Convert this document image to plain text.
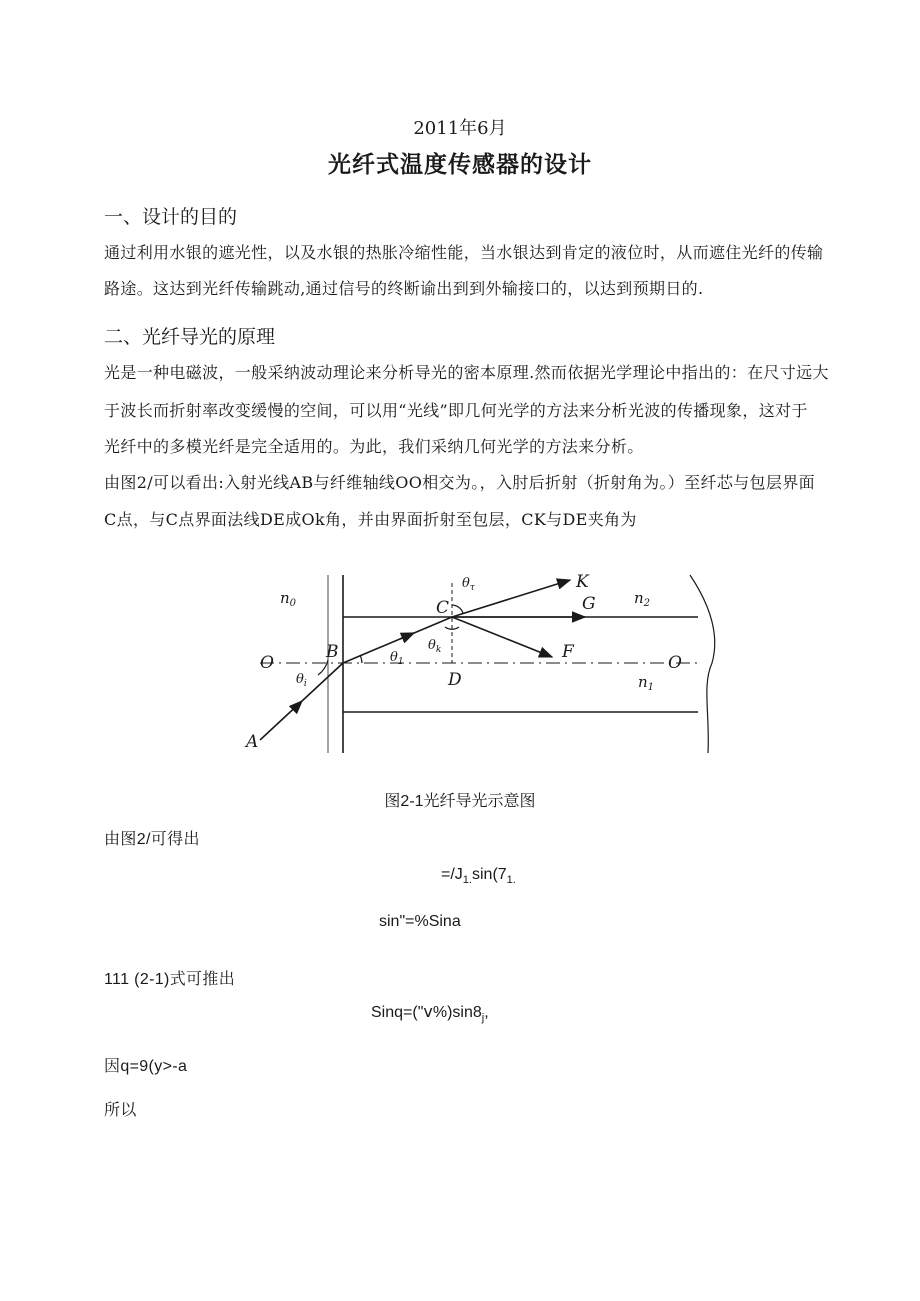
2011年6月
光纤式温度传感器的设计
一、设计的目的
通过利用水银的遮光性，以及水银的热胀冷缩性能，当水银达到肯定的液位时，从而遮住光纤的传输
路途。这达到光纤传输跳动,通过信号的终断谕出到到外输接口的，以达到预期日的.
二、光纤导光的原理
光是一种电磁波，一般采纳波动理论来分析导光的密本原理.然而依据光学理论中指出的：在尺寸远大
于波长而折射率改变缓慢的空间，可以用“光线”即几何光学的方法来分析光波的传播现象，这对于
光纤中的多模光纤是完全适用的。为此，我们采纳几何光学的方法来分析。
由图2/可以看出:入射光线AB与纤维轴线OO相交为。，入肘后折射（折射角为。）至纤芯与包层界面
C点，与C点界面法线DE成Ok角，并由界面折射至包层，CK与DE夹角为
$n_0$	$n_2$
$n_1$
O	O
A
B
C
D
F
G
K
$\theta_i$
$\theta_1$
$\theta_k$
$\theta_\tau$
图2-1光纤导光示意图
由图2/可得出
$=/J_{1.}\sin(7_{1.}$
sin"=%Sina
111 (2-1)式可推出
$Sinq=("ⅴ\%)\sin 8_j$,
因q=9(y>-a
所以
